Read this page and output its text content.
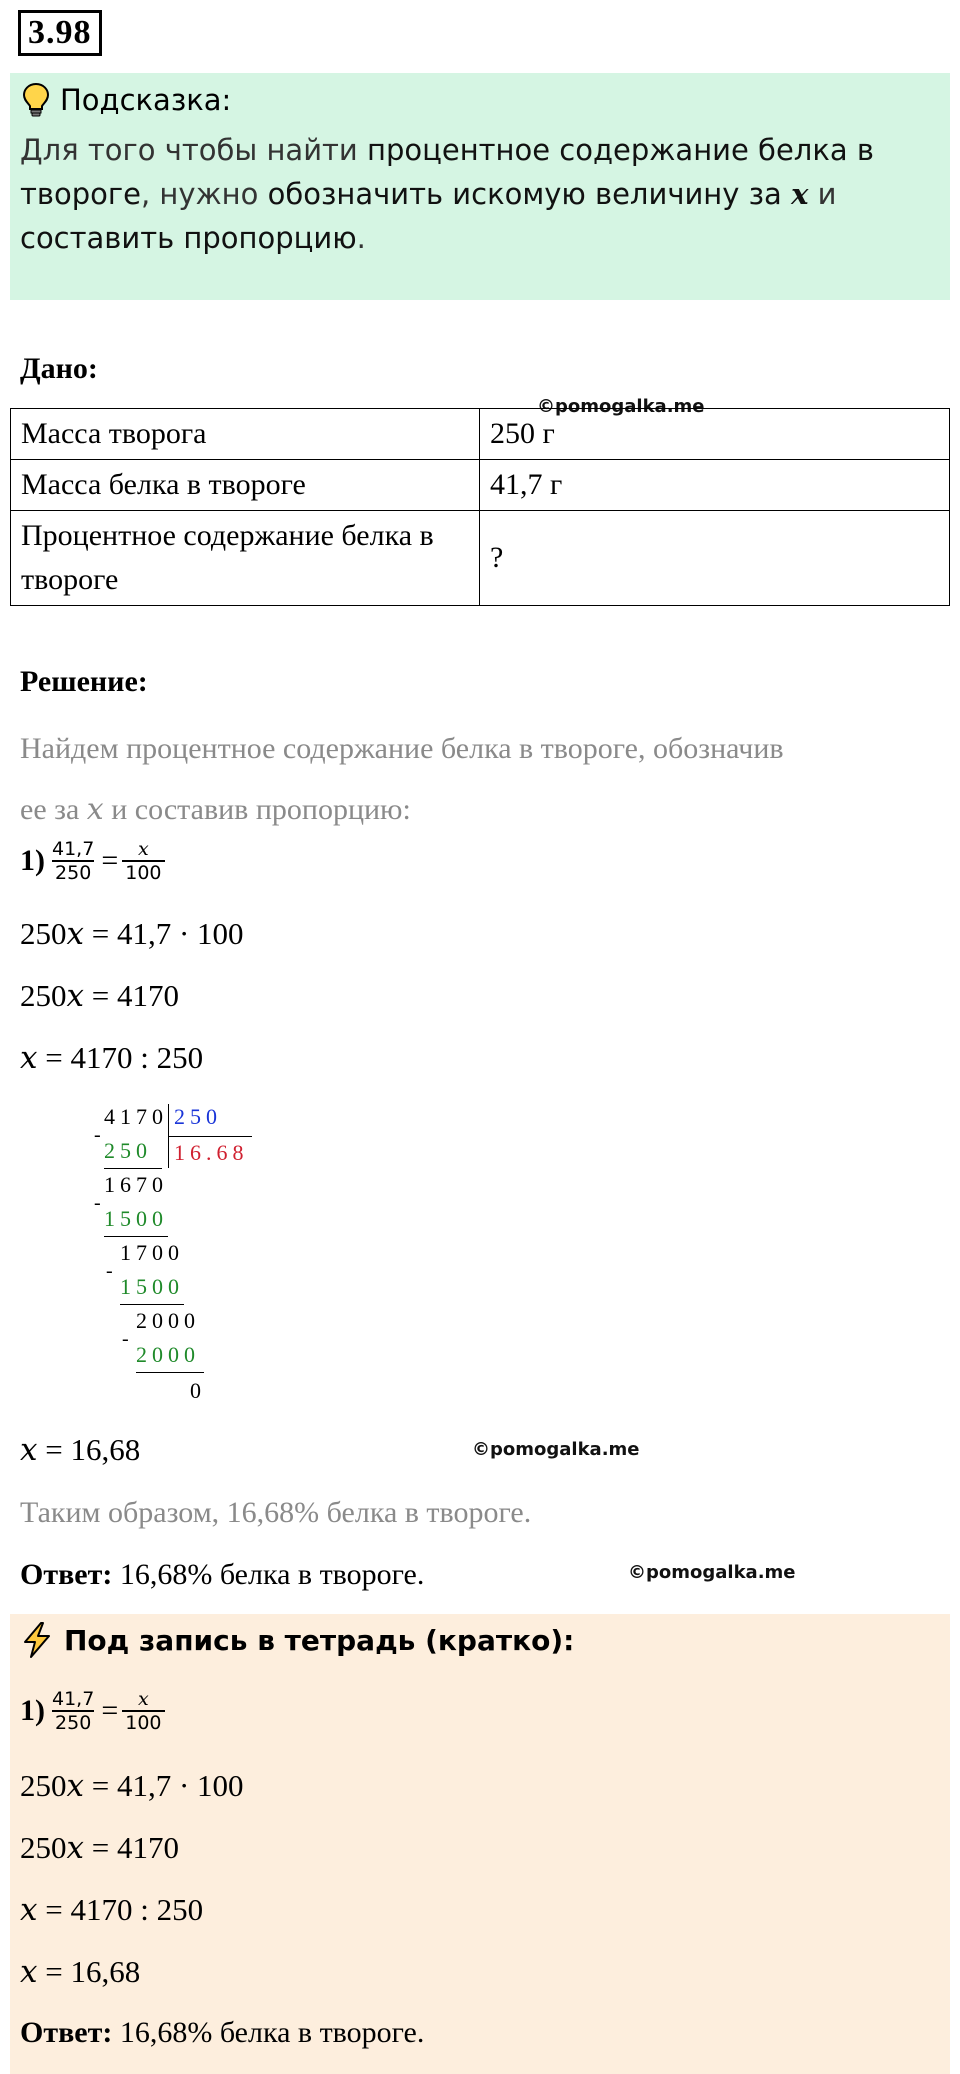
3.98
Подсказка:
Для того чтобы найти процентное содержание белка в твороге, нужно обозначить искомую величину за x и составить пропорцию.
Дано:
©pomogalka.me
Масса творога	250 г
Масса белка в твороге	41,7 г
Процентное содержание белка в твороге	?
Решение:
Найдем процентное содержание белка в твороге, обозначив
ее за x и составив пропорцию:
$1) \frac{41,7}{250} = \frac{x}{100}$
250x = 41,7 · 100
250x = 4170
x = 4170 : 250
4170 250
16.68
-
250
1670
-
1500
1700
-
1500
2000
-
2000
0
x = 16,68	©pomogalka.me
Таким образом, 16,68% белка в твороге.
Ответ: 16,68% белка в твороге.	©pomogalka.me
Под запись в тетрадь (кратко):
$1) \frac{41,7}{250} = \frac{x}{100}$
250x = 41,7 · 100
250x = 4170
x = 4170 : 250
x = 16,68
Ответ: 16,68% белка в твороге.
